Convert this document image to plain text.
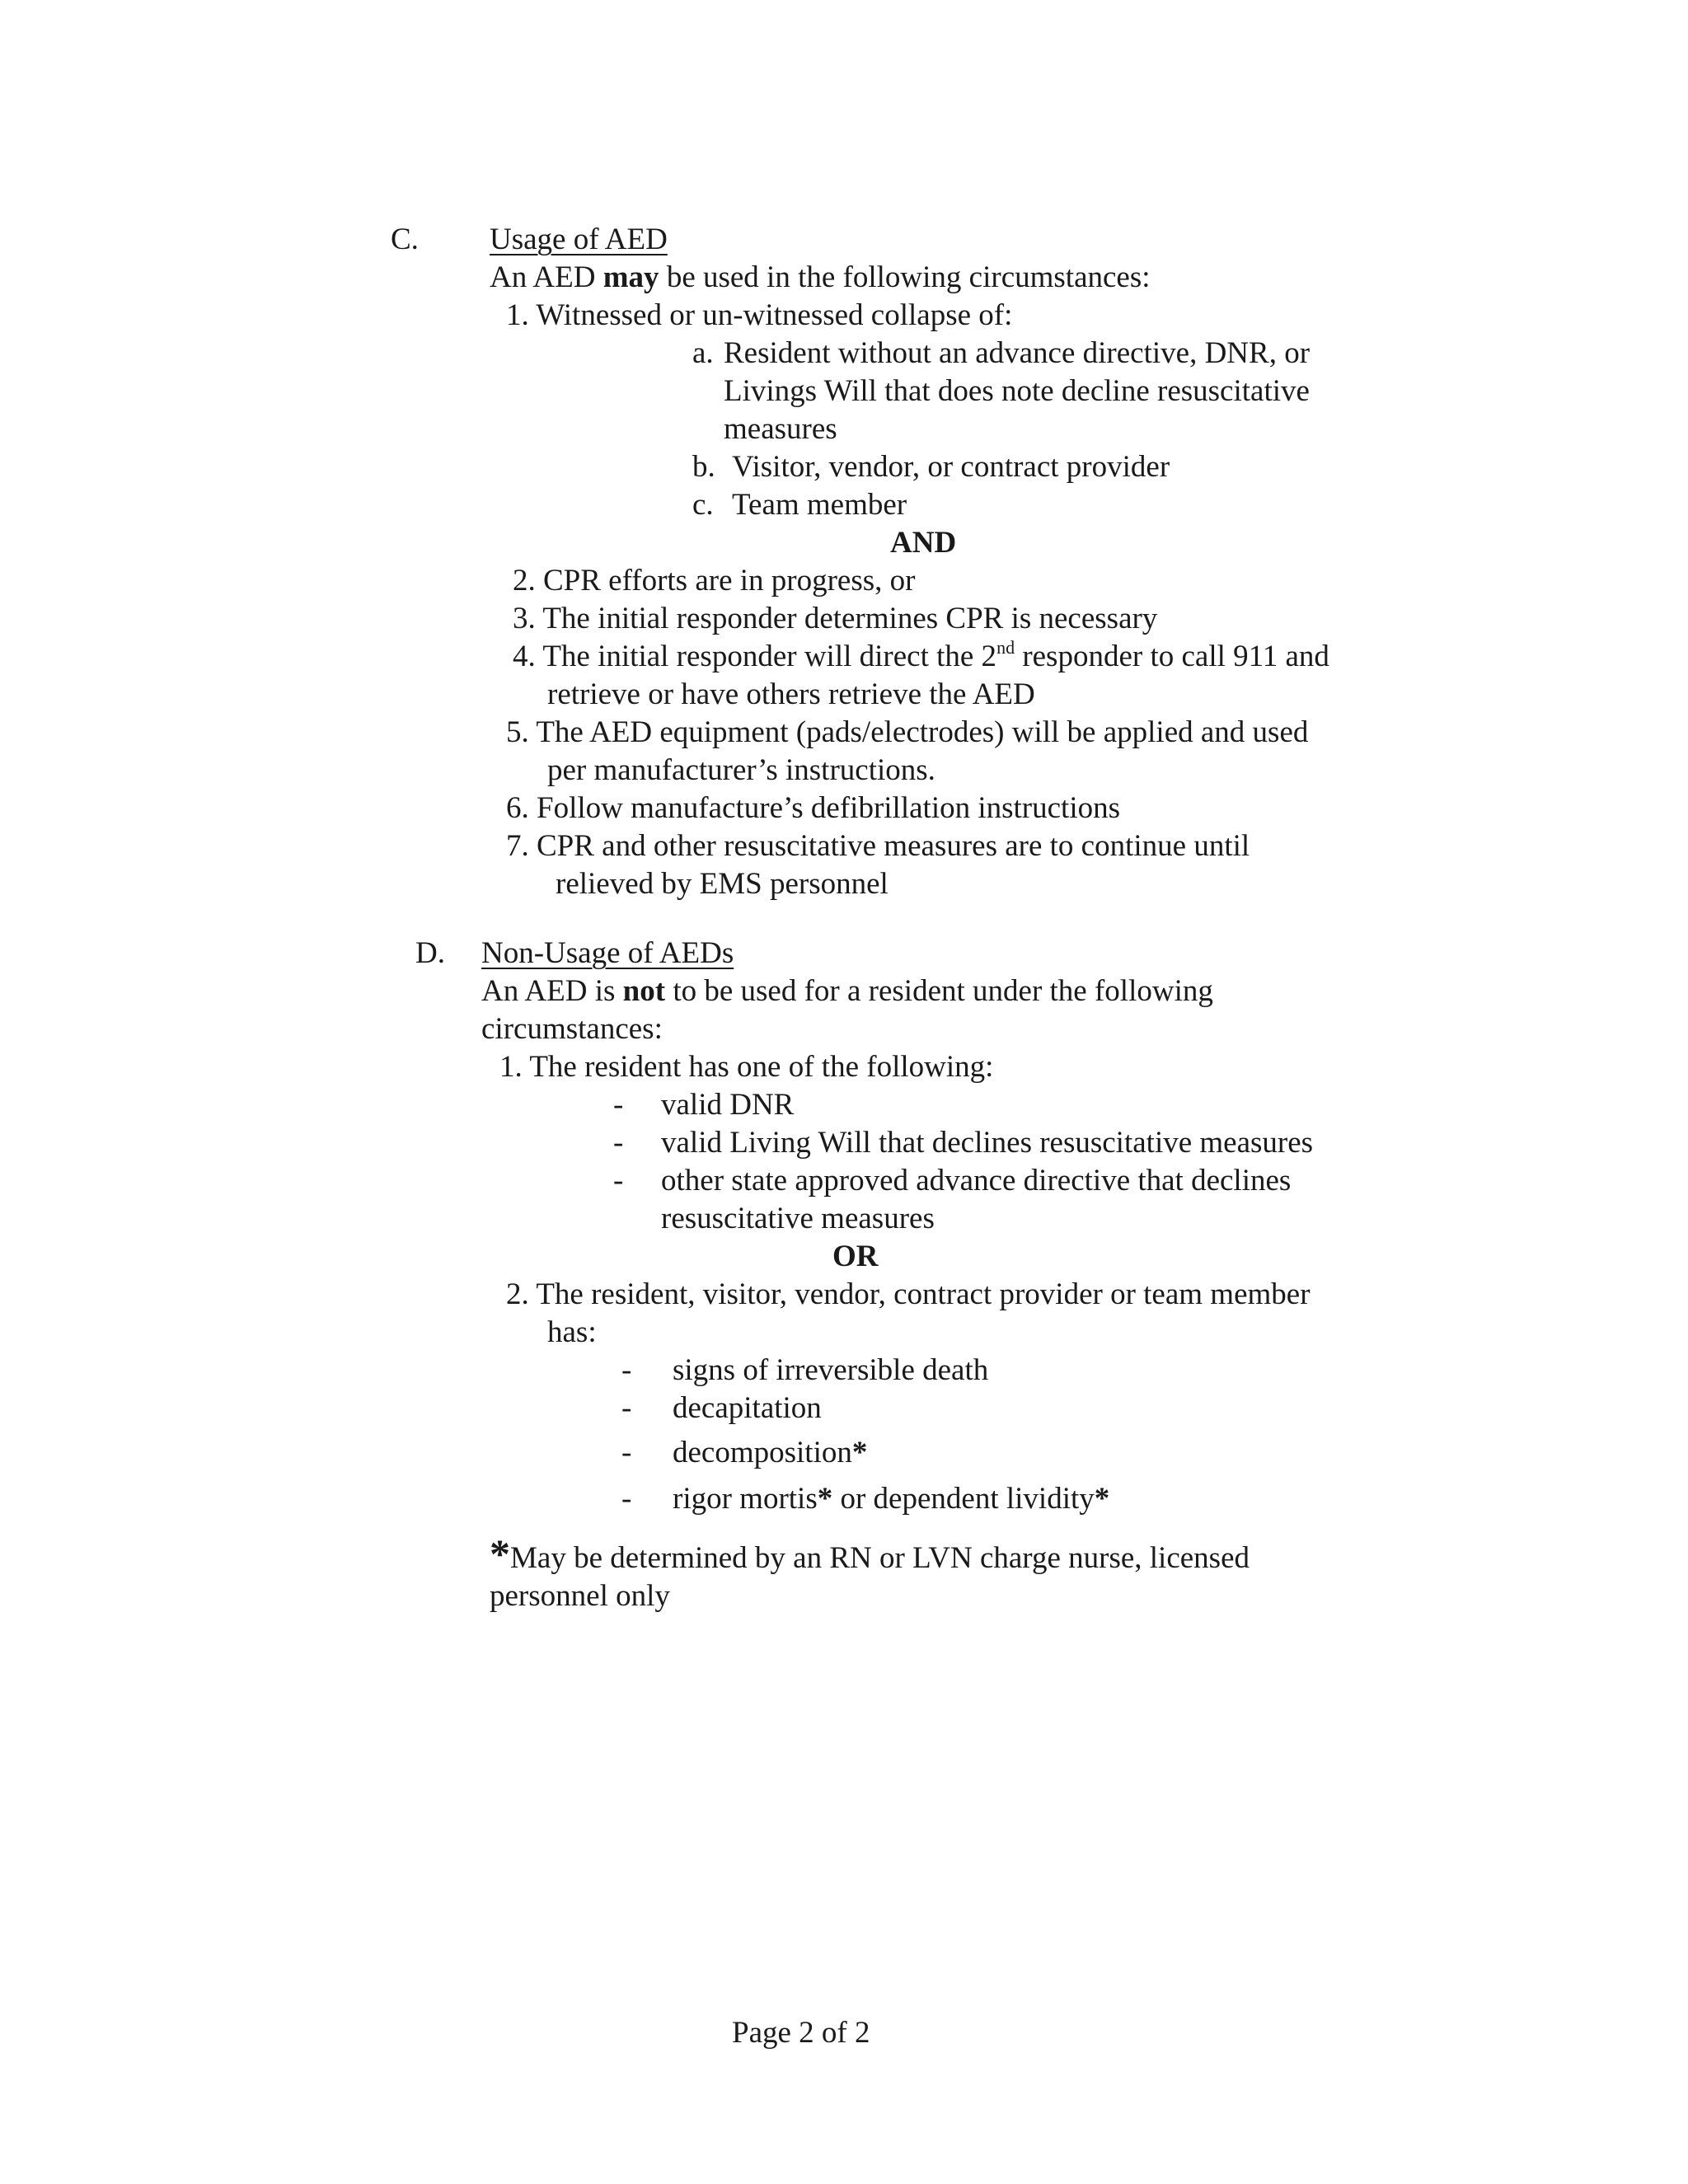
C. Usage of AED
An AED may be used in the following circumstances:
1. Witnessed or un-witnessed collapse of:
a. Resident without an advance directive, DNR, or
Livings Will that does note decline resuscitative
measures
b. Visitor, vendor, or contract provider
c. Team member
AND
2. CPR efforts are in progress, or
3. The initial responder determines CPR is necessary
4. The initial responder will direct the 2nd responder to call 911 and
retrieve or have others retrieve the AED
5. The AED equipment (pads/electrodes) will be applied and used
per manufacturer’s instructions.
6. Follow manufacture’s defibrillation instructions
7. CPR and other resuscitative measures are to continue until
relieved by EMS personnel
D. Non-Usage of AEDs
An AED is not to be used for a resident under the following
circumstances:
1. The resident has one of the following:
- valid DNR
- valid Living Will that declines resuscitative measures
- other state approved advance directive that declines
resuscitative measures
OR
2. The resident, visitor, vendor, contract provider or team member
has:
- signs of irreversible death
- decapitation
- decomposition*
- rigor mortis* or dependent lividity*
*May be determined by an RN or LVN charge nurse, licensed
personnel only
Page 2 of 2
